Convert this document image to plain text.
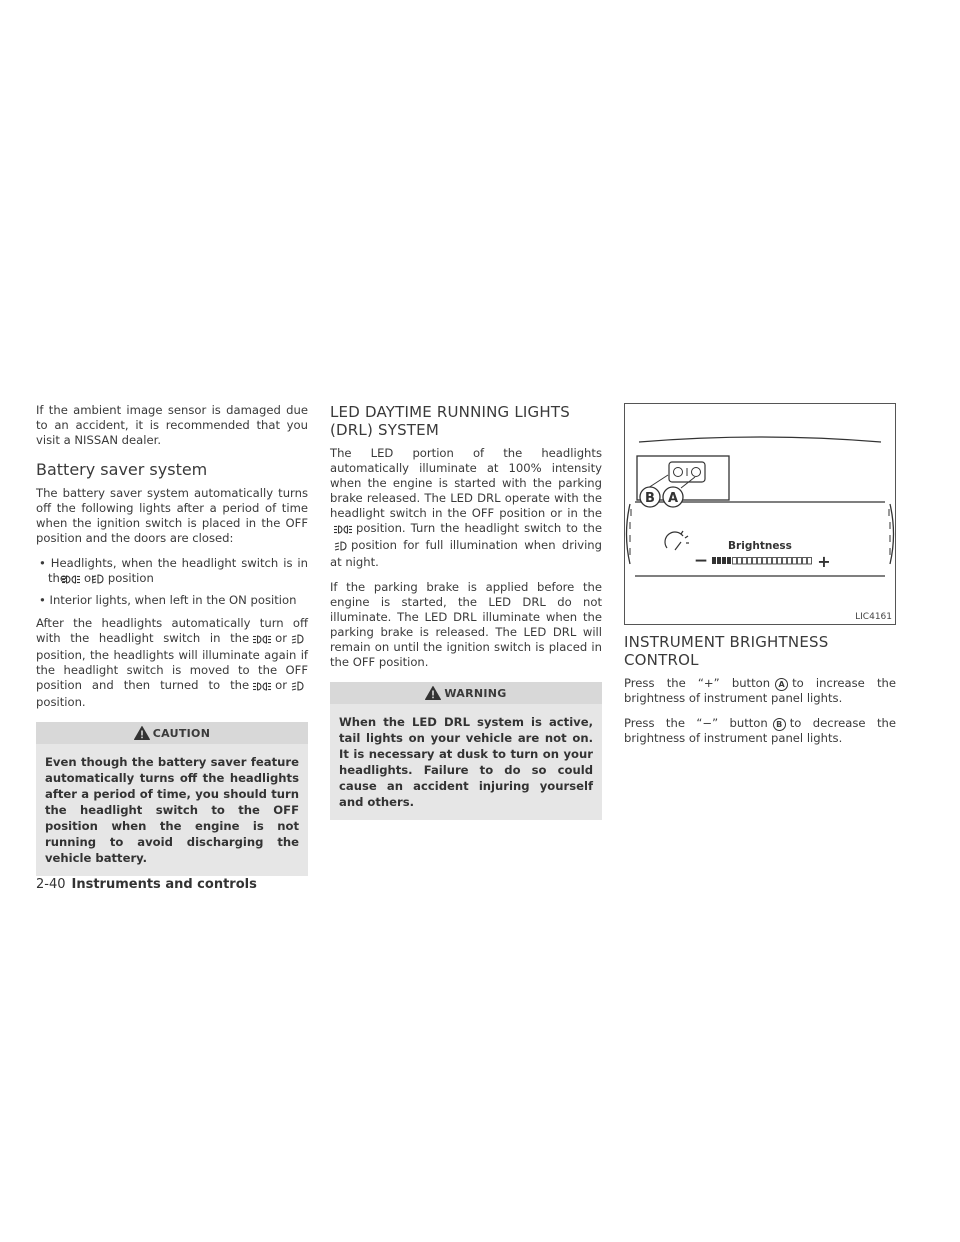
If the ambient image sensor is damaged due to an accident, it is recommended that you visit a NISSAN dealer.

Battery saver system

The battery saver system automatically turns off the following lights after a period of time when the ignition switch is placed in the OFF position and the doors are closed:

• Headlights, when the headlight switch is in the or position
• Interior lights, when left in the ON position

After the headlights automatically turn off with the headlight switch in the orposition, the headlights will illuminate again if the headlight switch is moved to the OFF position and then turned to the orposition.

CAUTION
Even though the battery saver feature automatically turns off the headlights after a period of time, you should turn the headlight switch to the OFF position when the engine is not running to avoid discharging the vehicle battery.
LED DAYTIME RUNNING LIGHTS (DRL) SYSTEM

The LED portion of the headlights automatically illuminate at 100% intensity when the engine is started with the parking brake released. The LED DRL operate with the headlight switch in the OFF position or in theposition. Turn the headlight switch to theposition for full illumination when driving at night.

If the parking brake is applied before the engine is started, the LED DRL do not illuminate. The LED DRL illuminate when the parking brake is released. The LED DRL will remain on until the ignition switch is placed in the OFF position.

WARNING
When the LED DRL system is active, tail lights on your vehicle are not on. It is necessary at dusk to turn on your headlights. Failure to do so could cause an accident injuring yourself and others.
B A
Brightness
−	+
LIC4161
INSTRUMENT BRIGHTNESS CONTROL

Press the “+” button A to increase the brightness of instrument panel lights.

Press the “−” button B to decrease the brightness of instrument panel lights.

2-40 Instruments and controls
